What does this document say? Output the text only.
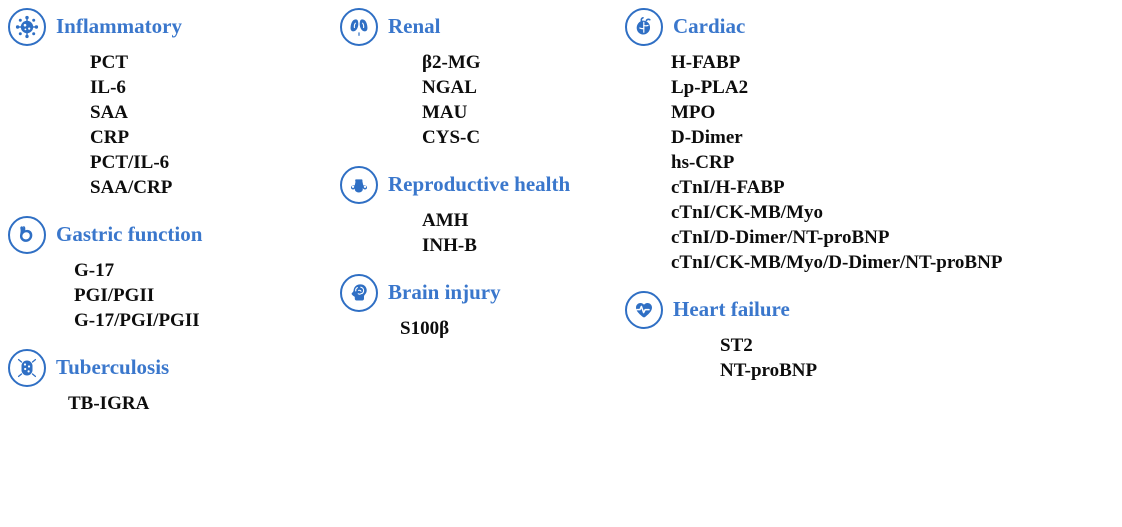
Inflammatory
PCT
IL-6
SAA
CRP
PCT/IL-6
SAA/CRP
Gastric function
G-17
PGI/PGII
G-17/PGI/PGII
Tuberculosis
TB-IGRA
Renal
β2-MG
NGAL
MAU
CYS-C
Reproductive health
AMH
INH-B
Brain injury
S100β
Cardiac
H-FABP
Lp-PLA2
MPO
D-Dimer
hs-CRP
cTnI/H-FABP
cTnI/CK-MB/Myo
cTnI/D-Dimer/NT-proBNP
cTnI/CK-MB/Myo/D-Dimer/NT-proBNP
Heart failure
ST2
NT-proBNP
